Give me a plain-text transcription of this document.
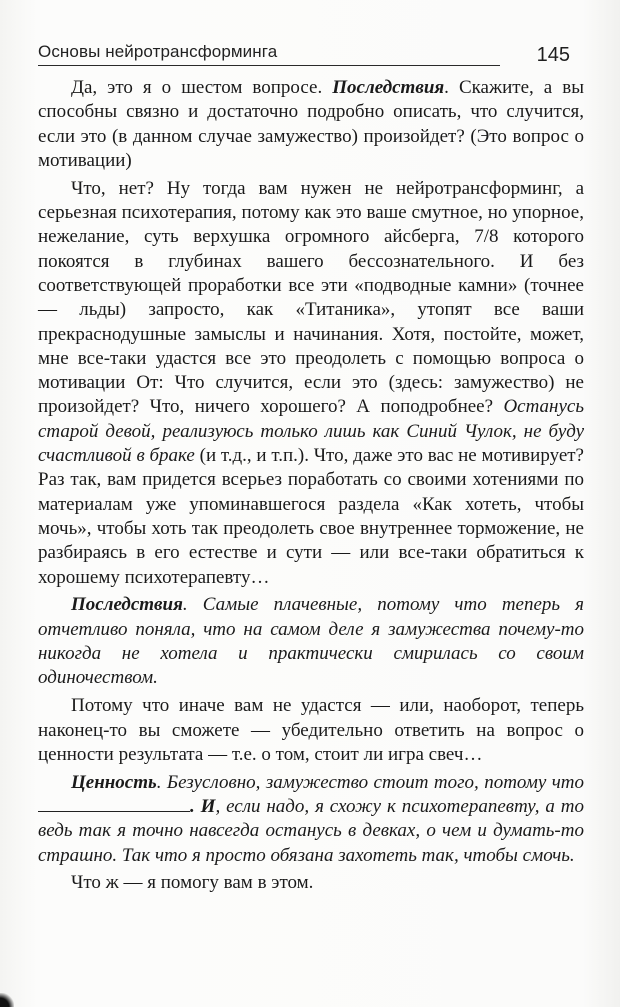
Основы нейротрансформинга	145

Да, это я о шестом вопросе. Последствия. Скажите, а вы способны связно и достаточно подробно описать, что случится, если это (в данном случае замужество) произойдет? (Это вопрос о мотивации)

Что, нет? Ну тогда вам нужен не нейротрансформинг, а серьезная психотерапия, потому как это ваше смутное, но упорное, нежелание, суть верхушка огромного айсберга, 7/8 которого покоятся в глубинах вашего бессознательного. И без соответствующей проработки все эти «подводные камни» (точнее — льды) запросто, как «Титаника», утопят все ваши прекраснодушные замыслы и начинания. Хотя, постойте, может, мне все-таки удастся все это преодолеть с помощью вопроса о мотивации От: Что случится, если это (здесь: замужество) не произойдет? Что, ничего хорошего? А поподробнее? Останусь старой девой, реализуюсь только лишь как Синий Чулок, не буду счастливой в браке (и т.д., и т.п.). Что, даже это вас не мотивирует? Раз так, вам придется всерьез поработать со своими хотениями по материалам уже упоминавшегося раздела «Как хотеть, чтобы мочь», чтобы хоть так преодолеть свое внутреннее торможение, не разбираясь в его естестве и сути — или все-таки обратиться к хорошему психотерапевту…

Последствия. Самые плачевные, потому что теперь я отчетливо поняла, что на самом деле я замужества почему-то никогда не хотела и практически смирилась со своим одиночеством.

Потому что иначе вам не удастся — или, наоборот, теперь наконец-то вы сможете — убедительно ответить на вопрос о ценности результата — т.е. о том, стоит ли игра свеч…

Ценность. Безусловно, замужество стоит того, потому что . И, если надо, я схожу к психотерапевту, а то ведь так я точно навсегда останусь в девках, о чем и думать-то страшно. Так что я просто обязана захотеть так, чтобы смочь.

Что ж — я помогу вам в этом.
